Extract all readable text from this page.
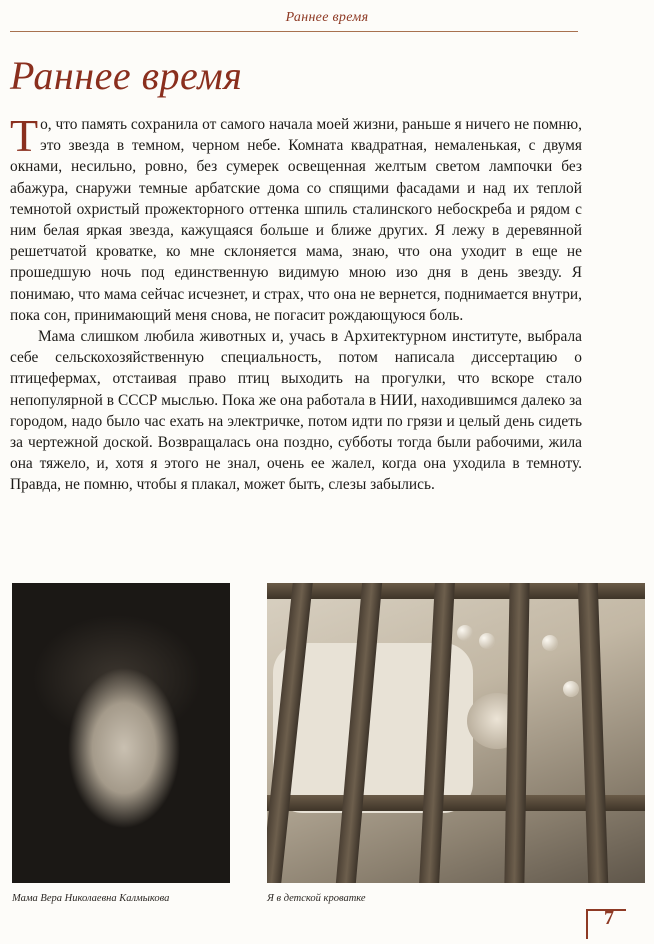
Раннее время
Раннее время

То, что память сохранила от самого начала моей жизни, раньше я ничего не помню, это звезда в темном, черном небе. Комната квадратная, немаленькая, с двумя окнами, несильно, ровно, без сумерек освещенная желтым светом лампочки без абажура, снаружи темные арбатские дома со спящими фасадами и над их теплой темнотой охристый прожекторного оттенка шпиль сталинского небоскреба и рядом с ним белая яркая звезда, кажущаяся больше и ближе других. Я лежу в деревянной решетчатой кроватке, ко мне склоняется мама, знаю, что она уходит в еще не прошедшую ночь под единственную видимую мною изо дня в день звезду. Я понимаю, что мама сейчас исчезнет, и страх, что она не вернется, поднимается внутри, пока сон, принимающий меня снова, не погасит рождающуюся боль.

Мама слишком любила животных и, учась в Архитектурном институте, выбрала себе сельскохозяйственную специальность, потом написала диссертацию о птицефермах, отстаивая право птиц выходить на прогулки, что вскоре стало непопулярной в СССР мыслью. Пока же она работала в НИИ, находившимся далеко за городом, надо было час ехать на электричке, потом идти по грязи и целый день сидеть за чертежной доской. Возвращалась она поздно, субботы тогда были рабочими, жила она тяжело, и, хотя я этого не знал, очень ее жалел, когда она уходила в темноту. Правда, не помню, чтобы я плакал, может быть, слезы забылись.

Мама Вера Николаевна Калмыкова	Я в детской кроватке
7
